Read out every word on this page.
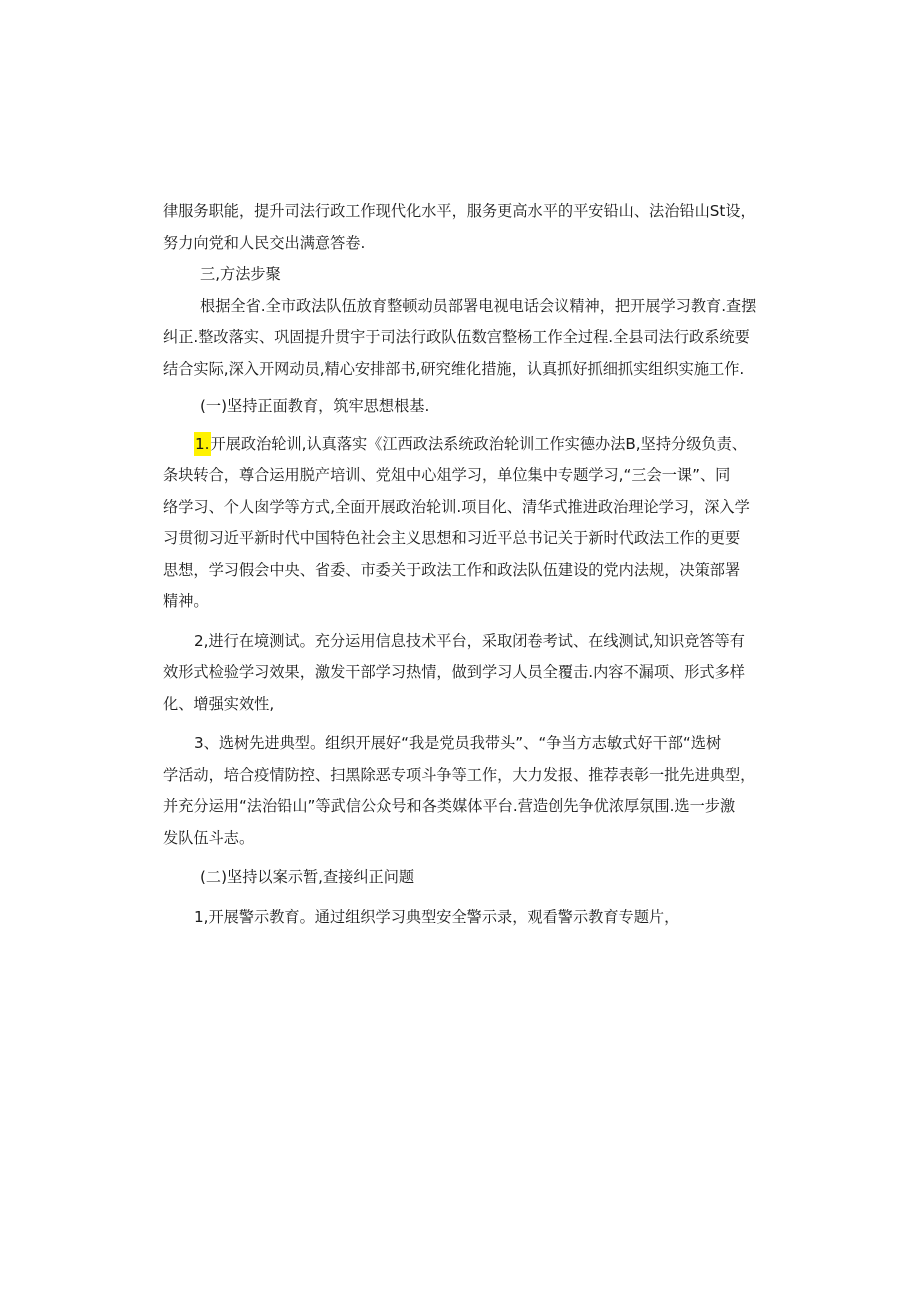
律服务职能，提升司法行政工作现代化水平，服务更高水平的平安铅山、法治铅山St设，
努力向党和人民交出满意答卷.

三,方法步聚

根据全省.全市政法队伍放育整顿动员部署电视电话会议精神，把开展学习教育.查摆
纠正.整改落实、巩固提升贯宇于司法行政队伍数宫整杨工作全过程.全县司法行政系统要
结合实际,深入开网动员,精心安排部书,研究维化措施，认真抓好抓细抓实组织实施工作.

(一)坚持正面教育，筑牢思想根基.

1.开展政治轮训,认真落实《江西政法系统政治轮训工作实德办法B,坚持分级负责、
条块转合，尊合运用脱产培训、党俎中心俎学习，单位集中专题学习,“三会一课”、同
络学习、个人囱学等方式,全面开展政治轮训.项目化、清华式推进政治理论学习，深入学
习贯彻习近平新时代中国特色社会主义思想和习近平总书记关于新时代政法工作的更要
思想，学习假会中央、省委、市委关于政法工作和政法队伍建设的党内法规，决策部署
精神。

2,进行在境测试。充分运用信息技术平台，采取闭卷考试、在线测试,知识竞答等有
效形式检验学习效果，激发干部学习热情，做到学习人员全覆击.内容不漏项、形式多样
化、增强实效性,

3、选树先进典型。组织开展好“我是党员我带头”、“争当方志敏式好干部“选树
学活动，培合疫情防控、扫黑除恶专项斗争等工作，大力发报、推荐表彰一批先进典型，
并充分运用“法治铅山”等武信公众号和各类媒体平台.营造创先争优浓厚氛围.选一步激
发队伍斗志。

(二)坚持以案示暂,查接纠正问题

1,开展警示教育。通过组织学习典型安全警示录，观看警示教育专题片，
